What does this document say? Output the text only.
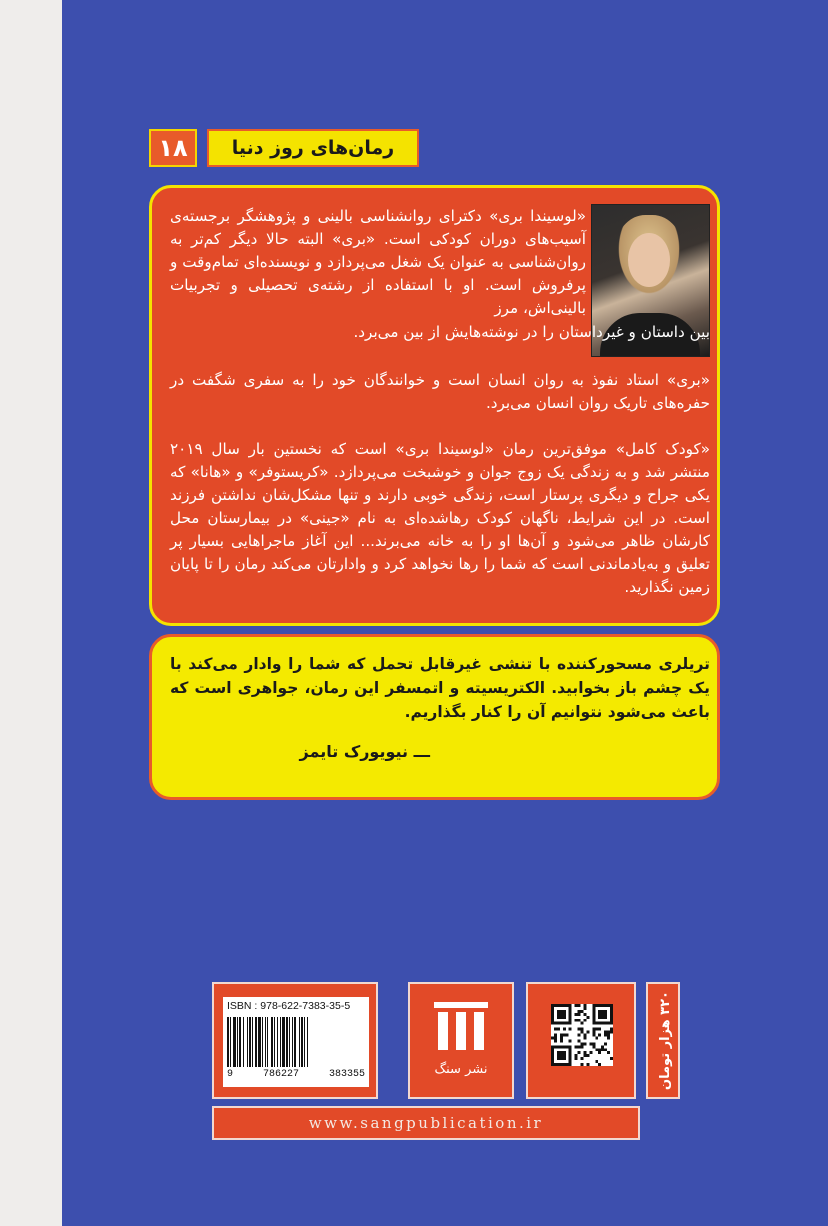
۱۸	رمان‌های روز دنیا
«لوسیندا بری» دکترای روانشناسی بالینی و پژوهشگر برجسته‌ی آسیب‌های دوران کودکی است. «بری» البته حالا دیگر کم‌تر به روان‌شناسی به عنوان یک شغل می‌پردازد و نویسنده‌ای تمام‌وقت و پرفروش است. او با استفاده از رشته‌ی تحصیلی و تجربیات بالینی‌اش، مرز
بین داستان و غیرداستان را در نوشته‌هایش از بین می‌برد.
«بری» استاد نفوذ به روان انسان است و خوانندگان خود را به سفری شگفت در حفره‌های تاریک روان انسان می‌برد.
«کودک کامل» موفق‌ترین رمان «لوسیندا بری» است که نخستین بار سال ۲۰۱۹ منتشر شد و به زندگی یک زوج جوان و خوشبخت می‌پردازد. «کریستوفر» و «هانا» که یکی جراح و دیگری پرستار است، زندگی خوبی دارند و تنها مشکل‌شان نداشتن فرزند است. در این شرایط، ناگهان کودک رهاشده‌ای به نام «جینی» در بیمارستان محل کارشان ظاهر می‌شود و آن‌ها او را به خانه می‌برند... این آغاز ماجراهایی بسیار پر تعلیق و به‌یادماندنی است که شما را رها نخواهد کرد و وادارتان می‌کند رمان را تا پایان زمین نگذارید.
تریلری مسحورکننده با تنشی غیرقابل تحمل که شما را وادار می‌کند با یک چشم باز بخوابید. الکتریسیته و اتمسفر این رمان، جواهری است که باعث می‌شود نتوانیم آن را کنار بگذاریم.
ـــ نیویورک تایمز
ISBN : 978-622-7383-35-5
9	786227	383355	نشر سنگ	۳۲۰ هزار تومان
www.sangpublication.ir
